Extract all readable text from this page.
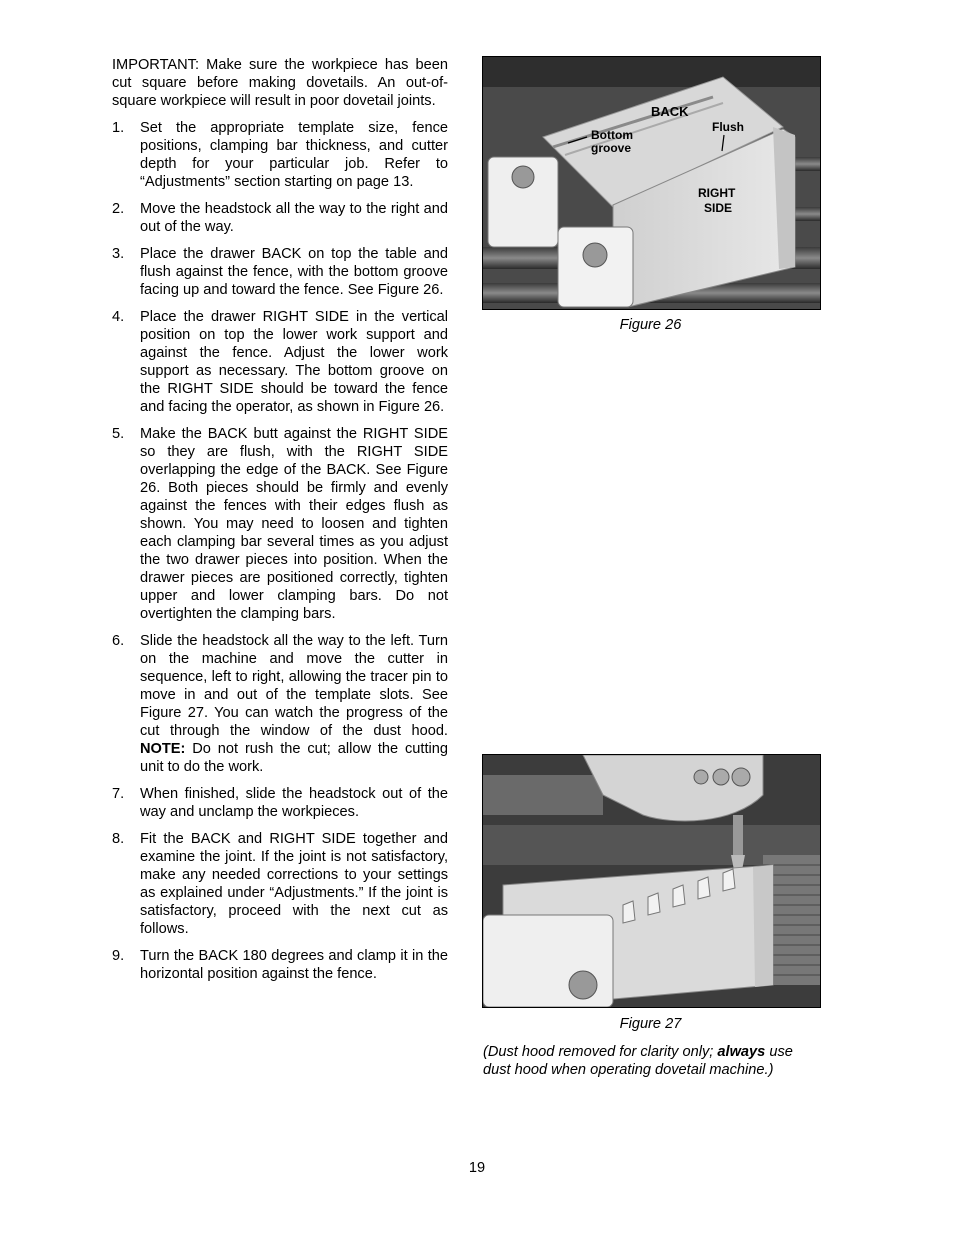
IMPORTANT: Make sure the workpiece has been cut square before making dovetails. An out-of-square workpiece will result in poor dovetail joints.

1.	Set the appropriate template size, fence positions, clamping bar thickness, and cutter depth for your particular job. Refer to “Adjustments” section starting on page 13.
2.	Move the headstock all the way to the right and out of the way.
3.	Place the drawer BACK on top the table and flush against the fence, with the bottom groove facing up and toward the fence. See Figure 26.
4.	Place the drawer RIGHT SIDE in the vertical position on top the lower work support and against the fence. Adjust the lower work support as necessary. The bottom groove on the RIGHT SIDE should be toward the fence and facing the operator, as shown in Figure 26.
5.	Make the BACK butt against the RIGHT SIDE so they are flush, with the RIGHT SIDE overlapping the edge of the BACK. See Figure 26. Both pieces should be firmly and evenly against the fences with their edges flush as shown. You may need to loosen and tighten each clamping bar several times as you adjust the two drawer pieces into position. When the drawer pieces are positioned correctly, tighten upper and lower clamping bars. Do not overtighten the clamping bars.
6.	Slide the headstock all the way to the left. Turn on the machine and move the cutter in sequence, left to right, allowing the tracer pin to move in and out of the template slots. See Figure 27. You can watch the progress of the cut through the window of the dust hood. NOTE: Do not rush the cut; allow the cutting unit to do the work.
7.	When finished, slide the headstock out of the way and unclamp the workpieces.
8.	Fit the BACK and RIGHT SIDE together and examine the joint. If the joint is not satisfactory, make any needed corrections to your settings as explained under “Adjustments.” If the joint is satisfactory, proceed with the next cut as follows.
9.	Turn the BACK 180 degrees and clamp it in the horizontal position against the fence.
BACK
Flush
Bottom
groove
RIGHT
SIDE
Figure 26
Figure 27
(Dust hood removed for clarity only; always use dust hood when operating dovetail machine.)
19
